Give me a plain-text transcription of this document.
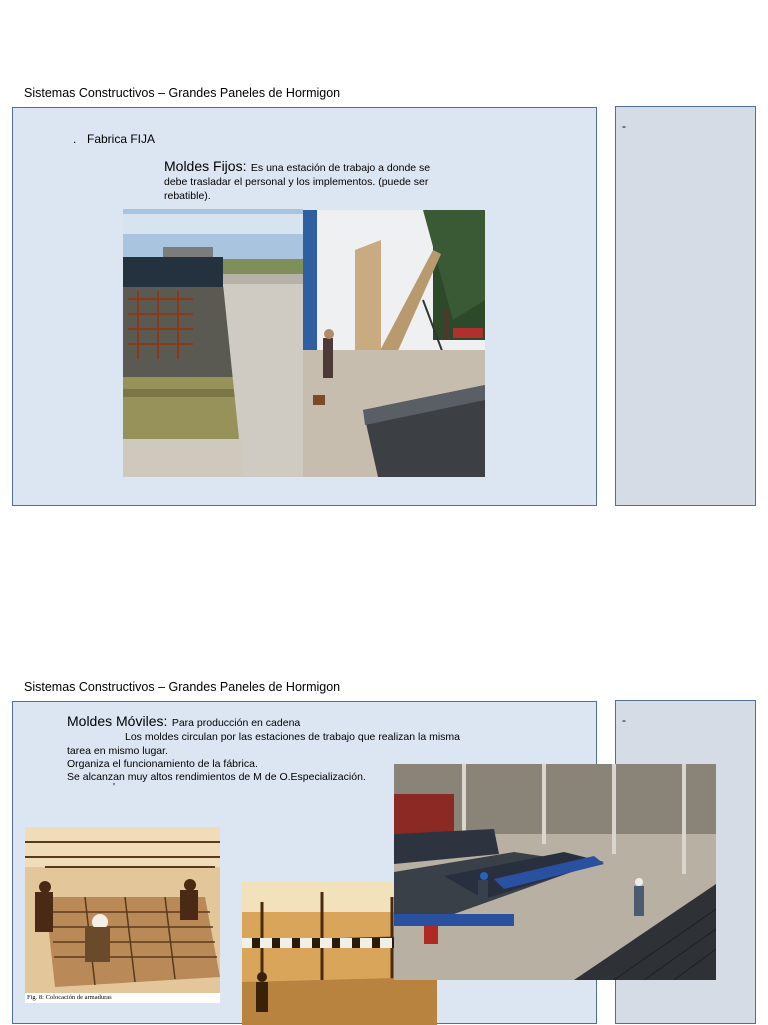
Sistemas Constructivos – Grandes Paneles de Hormigon
. Fabrica FIJA
Moldes Fijos: Es una estación de trabajo a donde se
debe trasladar el personal y los implementos. (puede ser
rebatible).
-
Sistemas Constructivos – Grandes Paneles de Hormigon
Moldes Móviles: Para producción en cadena
Los moldes circulan por las estaciones de trabajo que realizan la misma
tarea en mismo lugar.
Organiza el funcionamiento de la fábrica.
Se alcanzan muy altos rendimientos de M de O.Especialización.
'
Fig. 8: Colocación de armaduras
-
